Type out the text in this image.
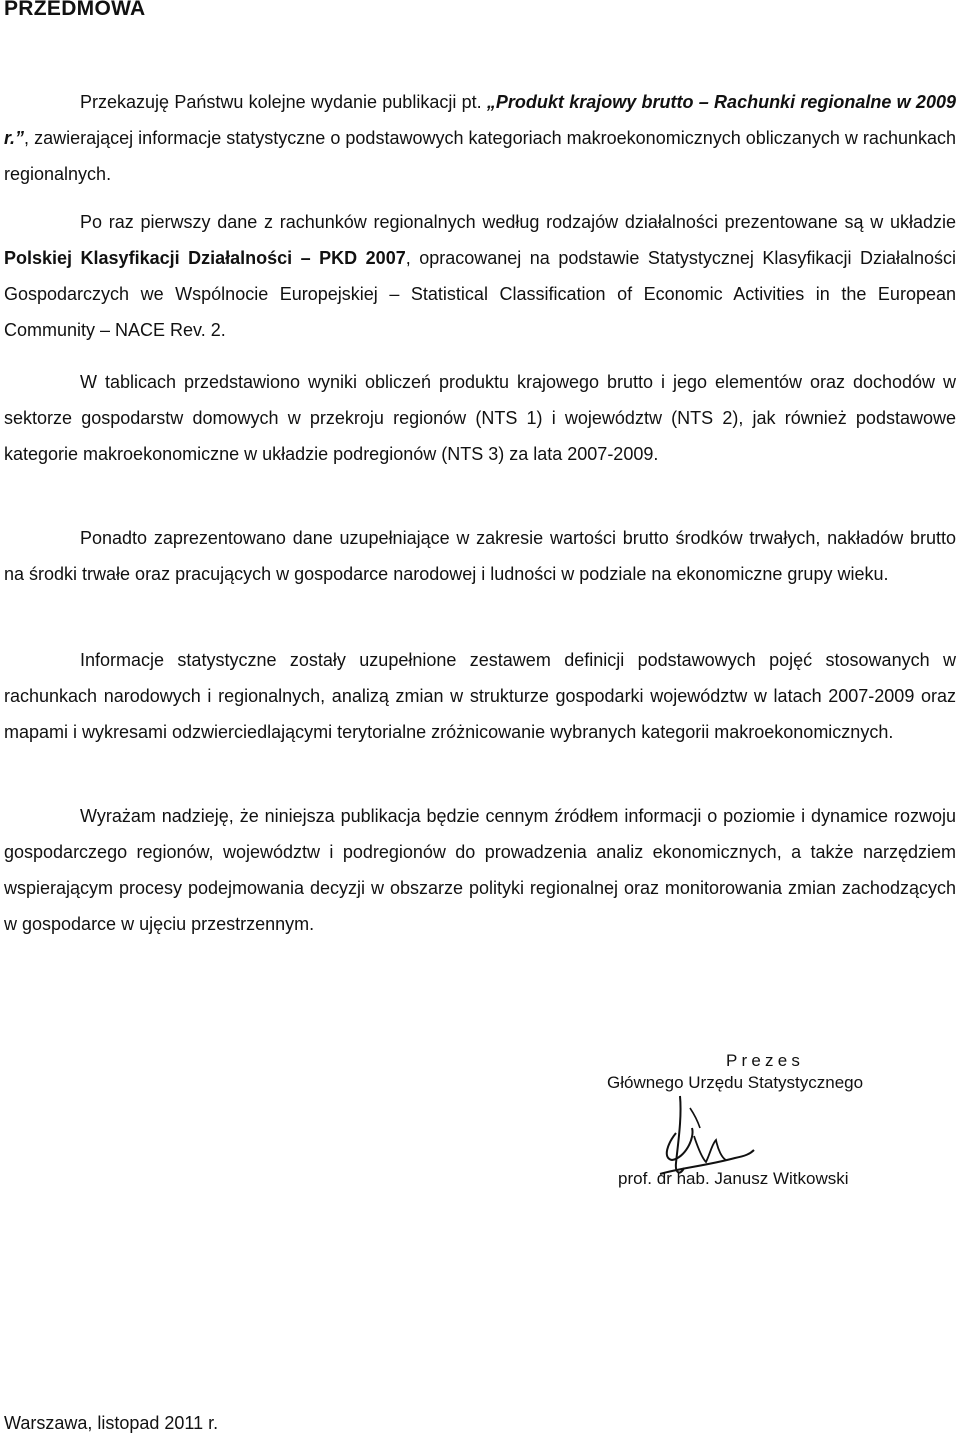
PRZEDMOWA

Przekazuję Państwu kolejne wydanie publikacji pt. „Produkt krajowy brutto – Rachunki regionalne w 2009 r.”, zawierającej informacje statystyczne o podstawowych kategoriach makroekonomicznych obliczanych w rachunkach regionalnych.

Po raz pierwszy dane z rachunków regionalnych według rodzajów działalności prezentowane są w układzie Polskiej Klasyfikacji Działalności – PKD 2007, opracowanej na podstawie Statystycznej Klasyfikacji Działalności Gospodarczych we Wspólnocie Europejskiej – Statistical Classification of Economic Activities in the European Community – NACE Rev. 2.

W tablicach przedstawiono wyniki obliczeń produktu krajowego brutto i jego elementów oraz dochodów w sektorze gospodarstw domowych w przekroju regionów (NTS 1) i województw (NTS 2), jak również podstawowe kategorie makroekonomiczne w układzie podregionów (NTS 3) za lata 2007-2009.

Ponadto zaprezentowano dane uzupełniające w zakresie wartości brutto środków trwałych, nakładów brutto na środki trwałe oraz pracujących w gospodarce narodowej i ludności w podziale na ekonomiczne grupy wieku.

Informacje statystyczne zostały uzupełnione zestawem definicji podstawowych pojęć stosowanych w rachunkach narodowych i regionalnych, analizą zmian w strukturze gospodarki województw w latach 2007-2009 oraz mapami i wykresami odzwierciedlającymi terytorialne zróżnicowanie wybranych kategorii makroekonomicznych.

Wyrażam nadzieję, że niniejsza publikacja będzie cennym źródłem informacji o poziomie i dynamice rozwoju gospodarczego regionów, województw i podregionów do prowadzenia analiz ekonomicznych, a także narzędziem wspierającym procesy podejmowania decyzji w obszarze polityki regionalnej oraz monitorowania zmian zachodzących w gospodarce w ujęciu przestrzennym.

Prezes
Głównego Urzędu Statystycznego
prof. dr hab. Janusz Witkowski
Warszawa, listopad 2011 r.
